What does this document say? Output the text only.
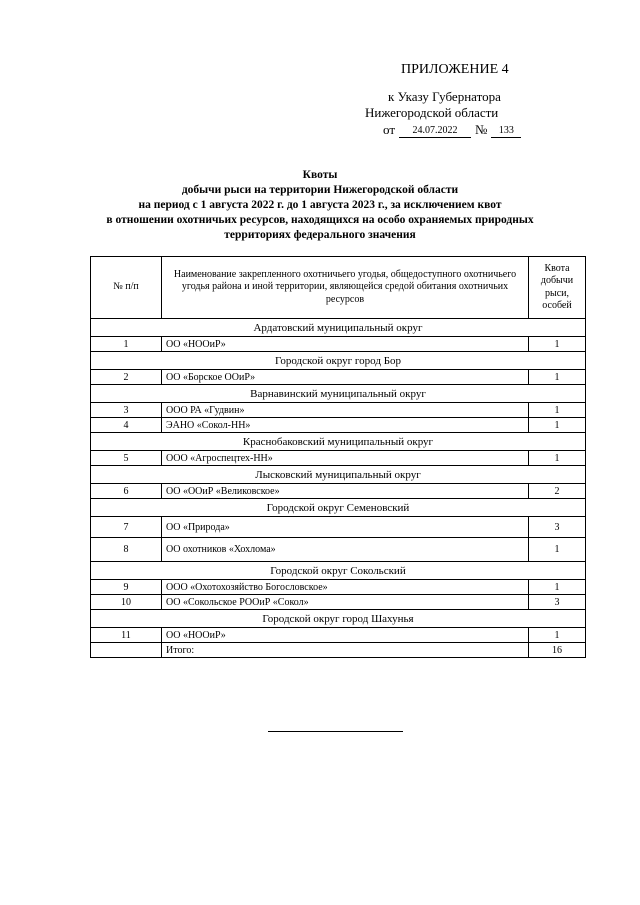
ПРИЛОЖЕНИЕ 4
к Указу Губернатора
Нижегородской области
от	24.07.2022	№	133
Квоты
добычи рыси на территории Нижегородской области
на период с 1 августа 2022 г. до 1 августа 2023 г., за исключением квот
в отношении охотничьих ресурсов, находящихся на особо охраняемых природных
территориях федерального значения
№ п/п	Наименование закрепленного охотничьего угодья, общедоступного охотничьего угодья района и иной территории, являющейся средой обитания охотничьих ресурсов	Квота добычи рыси, особей
Ардатовский муниципальный округ		
1	ОО «НООиР»	1
Городской округ город Бор		
2	ОО «Борское ООиР»	1
Варнавинский муниципальный округ		
3	ООО РА «Гудвин»	1
4	ЭАНО «Сокол-НН»	1
Краснобаковский муниципальный округ		
5	ООО «Агроспецтех-НН»	1
Лысковский муниципальный округ		
6	ОО «ООиР «Великовское»	2
Городской округ Семеновский		
7	ОО «Природа»	3
8	ОО охотников «Хохлома»	1
Городской округ Сокольский		
9	ООО «Охотохозяйство Богословское»	1
10	ОО «Сокольское РООиР «Сокол»	3
Городской округ город Шахунья		
11	ОО «НООиР»	1
	Итого:	16
